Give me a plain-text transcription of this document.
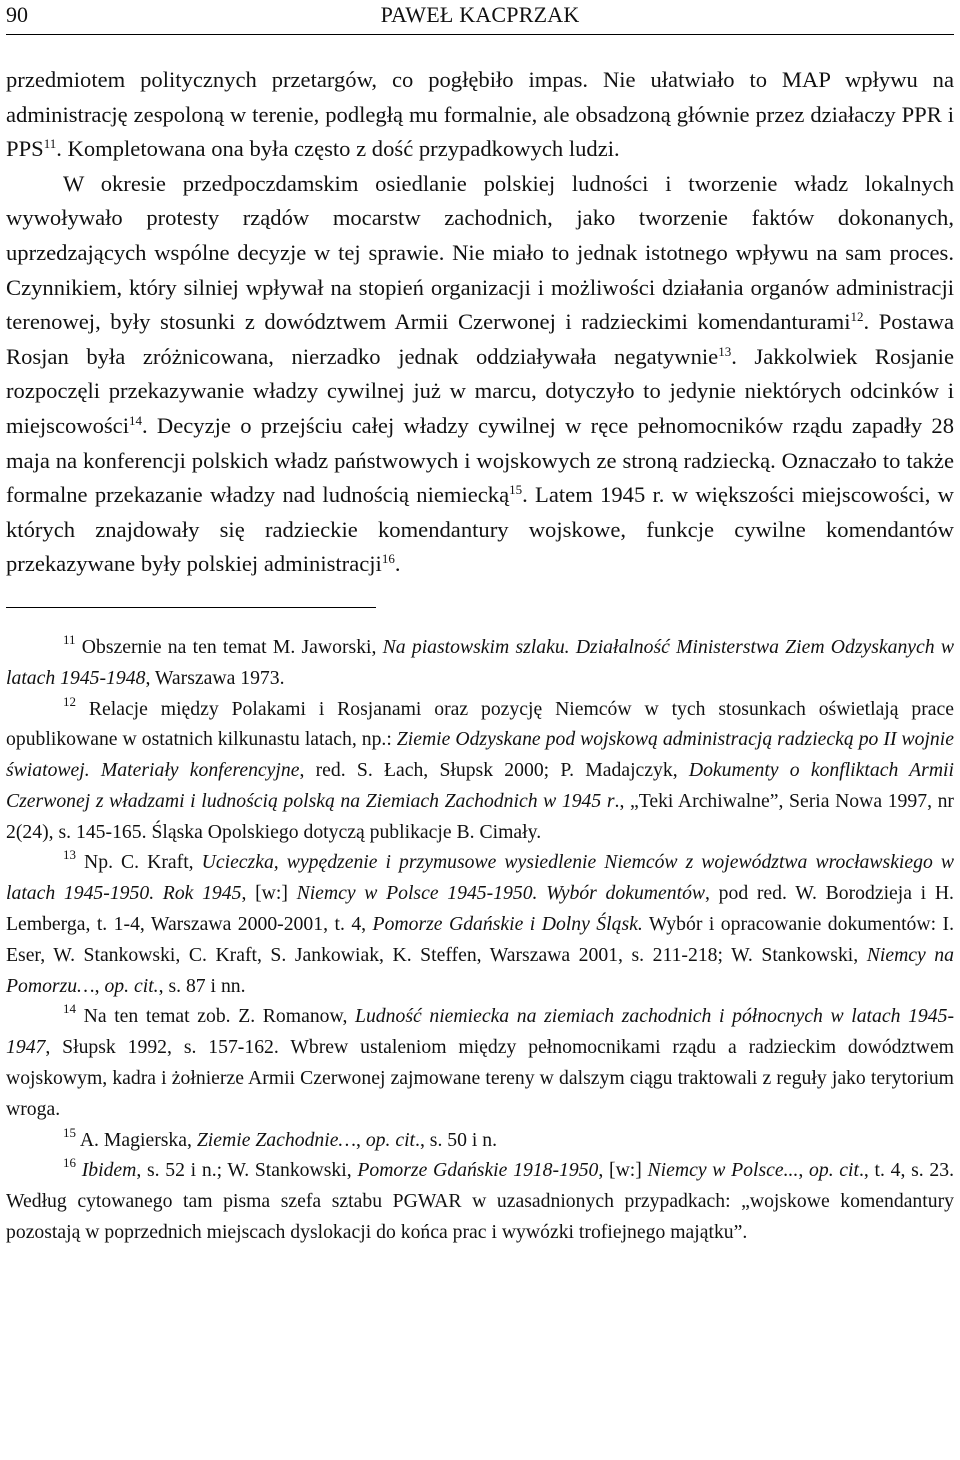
90	PAWEŁ KACPRZAK

przedmiotem politycznych przetargów, co pogłębiło impas. Nie ułatwiało to MAP wpływu na administrację zespoloną w terenie, podległą mu formalnie, ale obsadzoną głównie przez działaczy PPR i PPS$^{11}$. Kompletowana ona była często z dość przypadkowych ludzi.

W okresie przedpoczdamskim osiedlanie polskiej ludności i tworzenie władz lokalnych wywoływało protesty rządów mocarstw zachodnich, jako tworzenie faktów dokonanych, uprzedzających wspólne decyzje w tej sprawie. Nie miało to jednak istotnego wpływu na sam proces. Czynnikiem, który silniej wpływał na stopień organizacji i możliwości działania organów administracji terenowej, były stosunki z dowództwem Armii Czerwonej i radzieckimi komendanturami$^{12}$. Postawa Rosjan była zróżnicowana, nierzadko jednak oddziaływała negatywnie$^{13}$. Jakkolwiek Rosjanie rozpoczęli przekazywanie władzy cywilnej już w marcu, dotyczyło to jedynie niektórych odcinków i miejscowości$^{14}$. Decyzje o przejściu całej władzy cywilnej w ręce pełnomocników rządu zapadły 28 maja na konferencji polskich władz państwowych i wojskowych ze stroną radziecką. Oznaczało to także formalne przekazanie władzy nad ludnością niemiecką$^{15}$. Latem 1945 r. w większości miejscowości, w których znajdowały się radzieckie komendantury wojskowe, funkcje cywilne komendantów przekazywane były polskiej administracji$^{16}$.

$^{11}$ Obszernie na ten temat M. Jaworski, Na piastowskim szlaku. Działalność Ministerstwa Ziem Odzyskanych w latach 1945-1948, Warszawa 1973.

$^{12}$ Relacje między Polakami i Rosjanami oraz pozycję Niemców w tych stosunkach oświetlają prace opublikowane w ostatnich kilkunastu latach, np.: Ziemie Odzyskane pod wojskową administracją radziecką po II wojnie światowej. Materiały konferencyjne, red. S. Łach, Słupsk 2000; P. Madajczyk, Dokumenty o konfliktach Armii Czerwonej z władzami i ludnością polską na Ziemiach Zachodnich w 1945 r., „Teki Archiwalne”, Seria Nowa 1997, nr 2(24), s. 145-165. Śląska Opolskiego dotyczą publikacje B. Cimały.

$^{13}$ Np. C. Kraft, Ucieczka, wypędzenie i przymusowe wysiedlenie Niemców z województwa wrocławskiego w latach 1945-1950. Rok 1945, [w:] Niemcy w Polsce 1945-1950. Wybór dokumentów, pod red. W. Borodzieja i H. Lemberga, t. 1-4, Warszawa 2000-2001, t. 4, Pomorze Gdańskie i Dolny Śląsk. Wybór i opracowanie dokumentów: I. Eser, W. Stankowski, C. Kraft, S. Jankowiak, K. Steffen, Warszawa 2001, s. 211-218; W. Stankowski, Niemcy na Pomorzu…, op. cit., s. 87 i nn.

$^{14}$ Na ten temat zob. Z. Romanow, Ludność niemiecka na ziemiach zachodnich i północnych w latach 1945-1947, Słupsk 1992, s. 157-162. Wbrew ustaleniom między pełnomocnikami rządu a radzieckim dowództwem wojskowym, kadra i żołnierze Armii Czerwonej zajmowane tereny w dalszym ciągu traktowali z reguły jako terytorium wroga.

$^{15}$ A. Magierska, Ziemie Zachodnie…, op. cit., s. 50 i n.

$^{16}$ Ibidem, s. 52 i n.; W. Stankowski, Pomorze Gdańskie 1918-1950, [w:] Niemcy w Polsce..., op. cit., t. 4, s. 23. Według cytowanego tam pisma szefa sztabu PGWAR w uzasadnionych przypadkach: „wojskowe komendantury pozostają w poprzednich miejscach dyslokacji do końca prac i wywózki trofiejnego majątku”.
